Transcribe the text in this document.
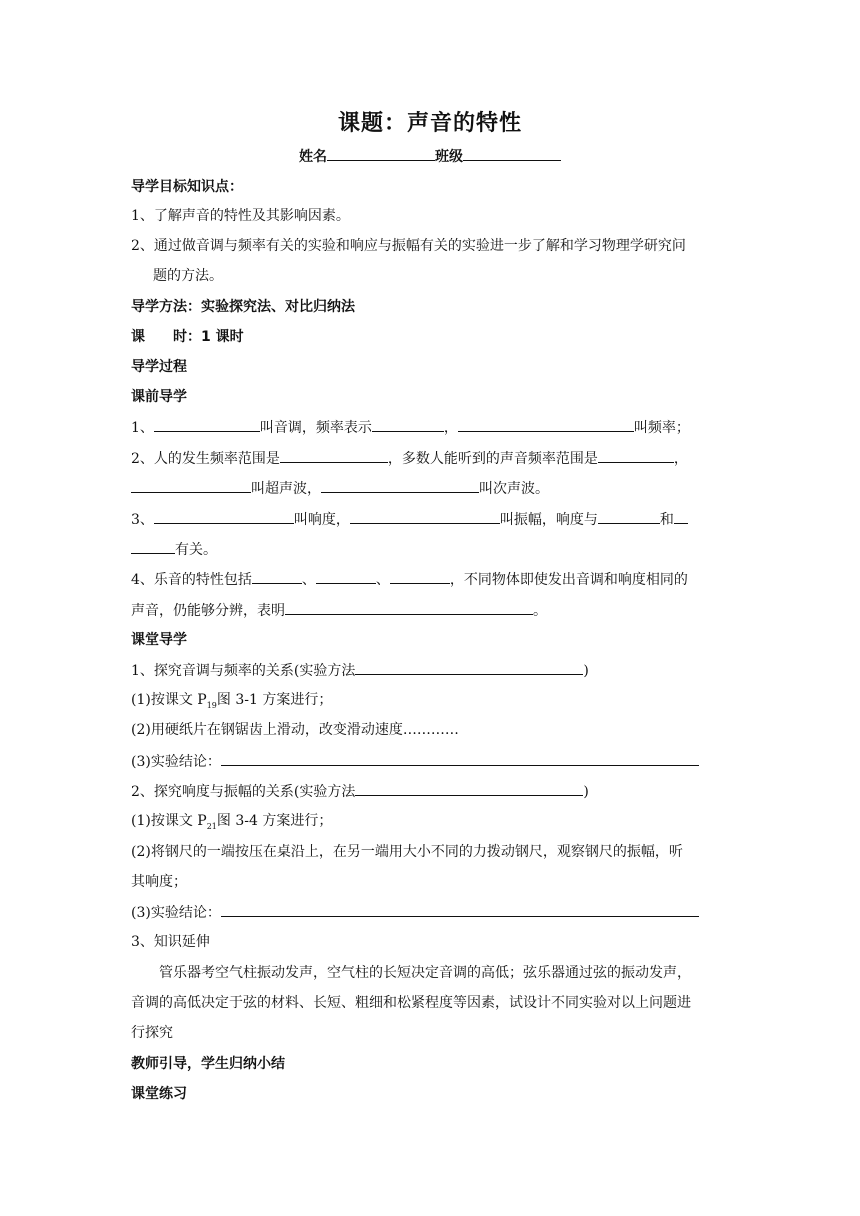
课题：声音的特性
姓名	班级
导学目标知识点：
1、了解声音的特性及其影响因素。
2、通过做音调与频率有关的实验和响应与振幅有关的实验进一步了解和学习物理学研究问
题的方法。
导学方法：实验探究法、对比归纳法
课　　时：1 课时
导学过程
课前导学
1、	叫音调，频率表示	，	叫频率；
2、人的发生频率范围是	，多数人能听到的声音频率范围是	，
叫超声波，	叫次声波。
3、	叫响度，	叫振幅，响度与	和
有关。
4、乐音的特性包括	、	、	，不同物体即使发出音调和响度相同的
声音，仍能够分辨，表明	。
课堂导学
1、探究音调与频率的关系(实验方法	)
(1)按课文 $P_{19}$图 3-1 方案进行；
(2)用硬纸片在钢锯齿上滑动，改变滑动速度…………
(3)实验结论：
2、探究响度与振幅的关系(实验方法	)
(1)按课文 $P_{21}$图 3-4 方案进行；
(2)将钢尺的一端按压在桌沿上，在另一端用大小不同的力拨动钢尺，观察钢尺的振幅，听
其响度；
(3)实验结论：
3、知识延伸
管乐器考空气柱振动发声，空气柱的长短决定音调的高低；弦乐器通过弦的振动发声，
音调的高低决定于弦的材料、长短、粗细和松紧程度等因素，试设计不同实验对以上问题进
行探究
教师引导，学生归纳小结
课堂练习
